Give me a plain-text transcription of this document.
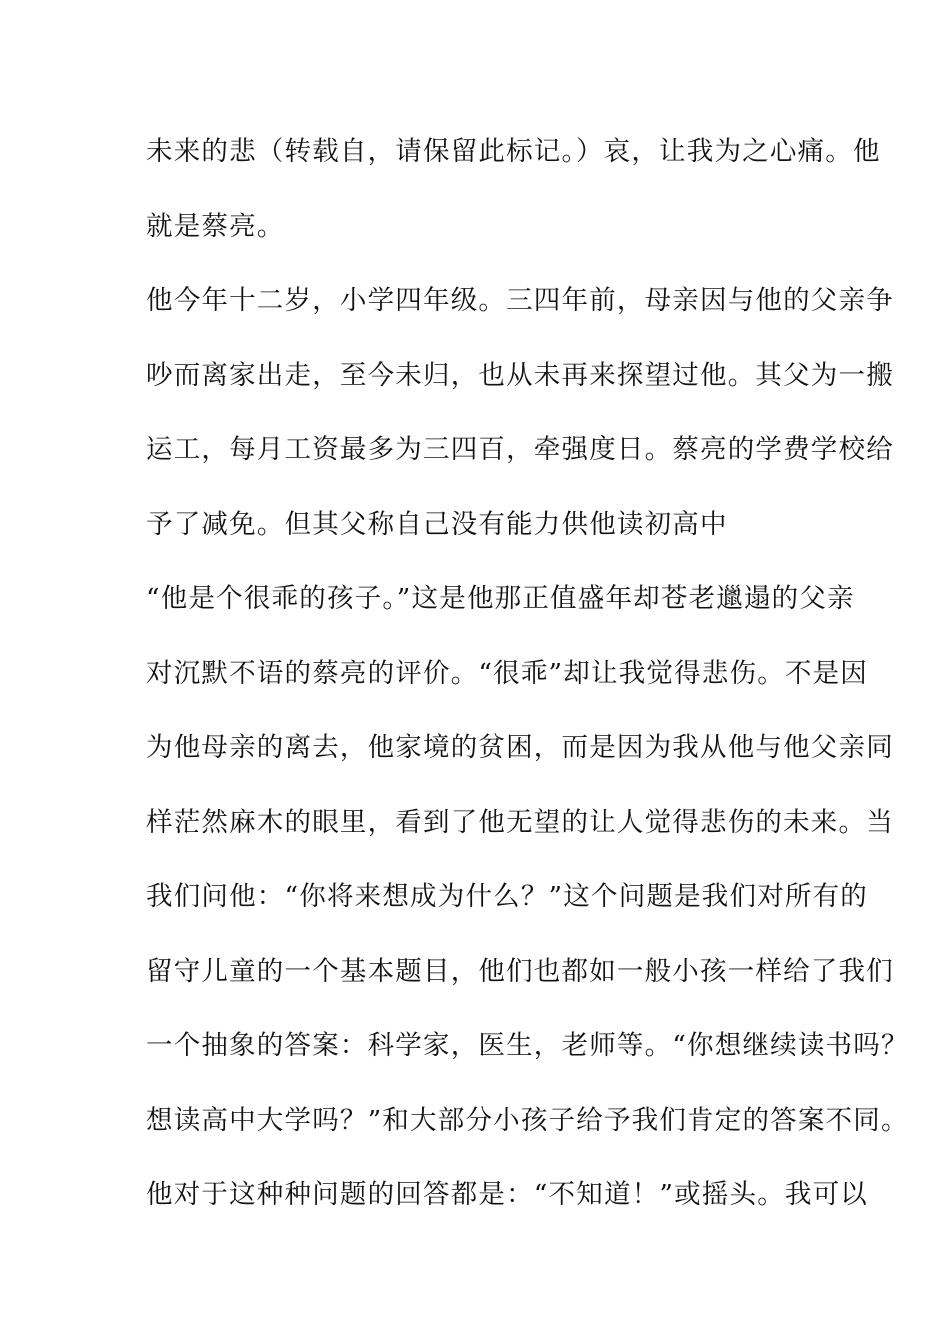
未来的悲（转载自，请保留此标记。）哀，让我为之心痛。他
就是蔡亮。
他今年十二岁，小学四年级。三四年前，母亲因与他的父亲争
吵而离家出走，至今未归，也从未再来探望过他。其父为一搬
运工，每月工资最多为三四百，牵强度日。蔡亮的学费学校给
予了减免。但其父称自己没有能力供他读初高中
“他是个很乖的孩子。”这是他那正值盛年却苍老邋遢的父亲
对沉默不语的蔡亮的评价。“很乖”却让我觉得悲伤。不是因
为他母亲的离去，他家境的贫困，而是因为我从他与他父亲同
样茫然麻木的眼里，看到了他无望的让人觉得悲伤的未来。当
我们问他：“你将来想成为什么？”这个问题是我们对所有的
留守儿童的一个基本题目，他们也都如一般小孩一样给了我们
一个抽象的答案：科学家，医生，老师等。“你想继续读书吗？
想读高中大学吗？”和大部分小孩子给予我们肯定的答案不同。
他对于这种种问题的回答都是：“不知道！”或摇头。我可以
